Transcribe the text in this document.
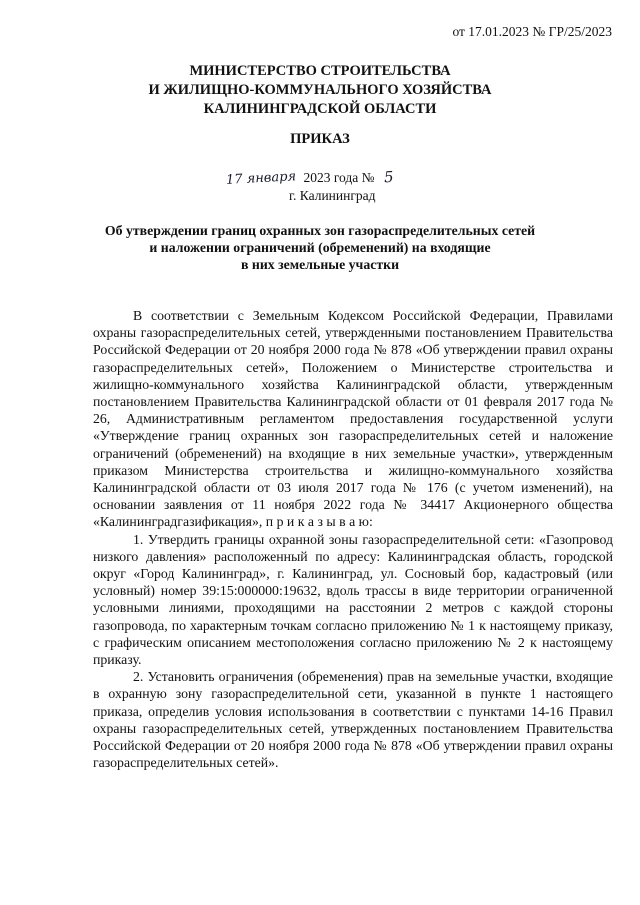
от 17.01.2023 № ГР/25/2023
МИНИСТЕРСТВО СТРОИТЕЛЬСТВА
И ЖИЛИЩНО-КОММУНАЛЬНОГО ХОЗЯЙСТВА
КАЛИНИНГРАДСКОЙ ОБЛАСТИ
ПРИКАЗ
17 января 2023 года № 5
г. Калининград
Об утверждении границ охранных зон газораспределительных сетей
и наложении ограничений (обременений) на входящие
в них земельные участки

В соответствии с Земельным Кодексом Российской Федерации, Правилами охраны газораспределительных сетей, утвержденными постановлением Правительства Российской Федерации от 20 ноября 2000 года № 878 «Об утверждении правил охраны газораспределительных сетей», Положением о Министерстве строительства и жилищно-коммунального хозяйства Калининградской области, утвержденным постановлением Правительства Калининградской области от 01 февраля 2017 года № 26, Административным регламентом предоставления государственной услуги «Утверждение границ охранных зон газораспределительных сетей и наложение ограничений (обременений) на входящие в них земельные участки», утвержденным приказом Министерства строительства и жилищно-коммунального хозяйства Калининградской области от 03 июля 2017 года № 176 (с учетом изменений), на основании заявления от 11 ноября 2022 года № 34417 Акционерного общества «Калининградгазификация», п р и к а з ы в а ю:

1. Утвердить границы охранной зоны газораспределительной сети: «Газопровод низкого давления» расположенный по адресу: Калининградская область, городской округ «Город Калининград», г. Калининград, ул. Сосновый бор, кадастровый (или условный) номер 39:15:000000:19632, вдоль трассы в виде территории ограниченной условными линиями, проходящими на расстоянии 2 метров с каждой стороны газопровода, по характерным точкам согласно приложению № 1 к настоящему приказу, с графическим описанием местоположения согласно приложению № 2 к настоящему приказу.

2. Установить ограничения (обременения) прав на земельные участки, входящие в охранную зону газораспределительной сети, указанной в пункте 1 настоящего приказа, определив условия использования в соответствии с пунктами 14-16 Правил охраны газораспределительных сетей, утвержденных постановлением Правительства Российской Федерации от 20 ноября 2000 года № 878 «Об утверждении правил охраны газораспределительных сетей».
